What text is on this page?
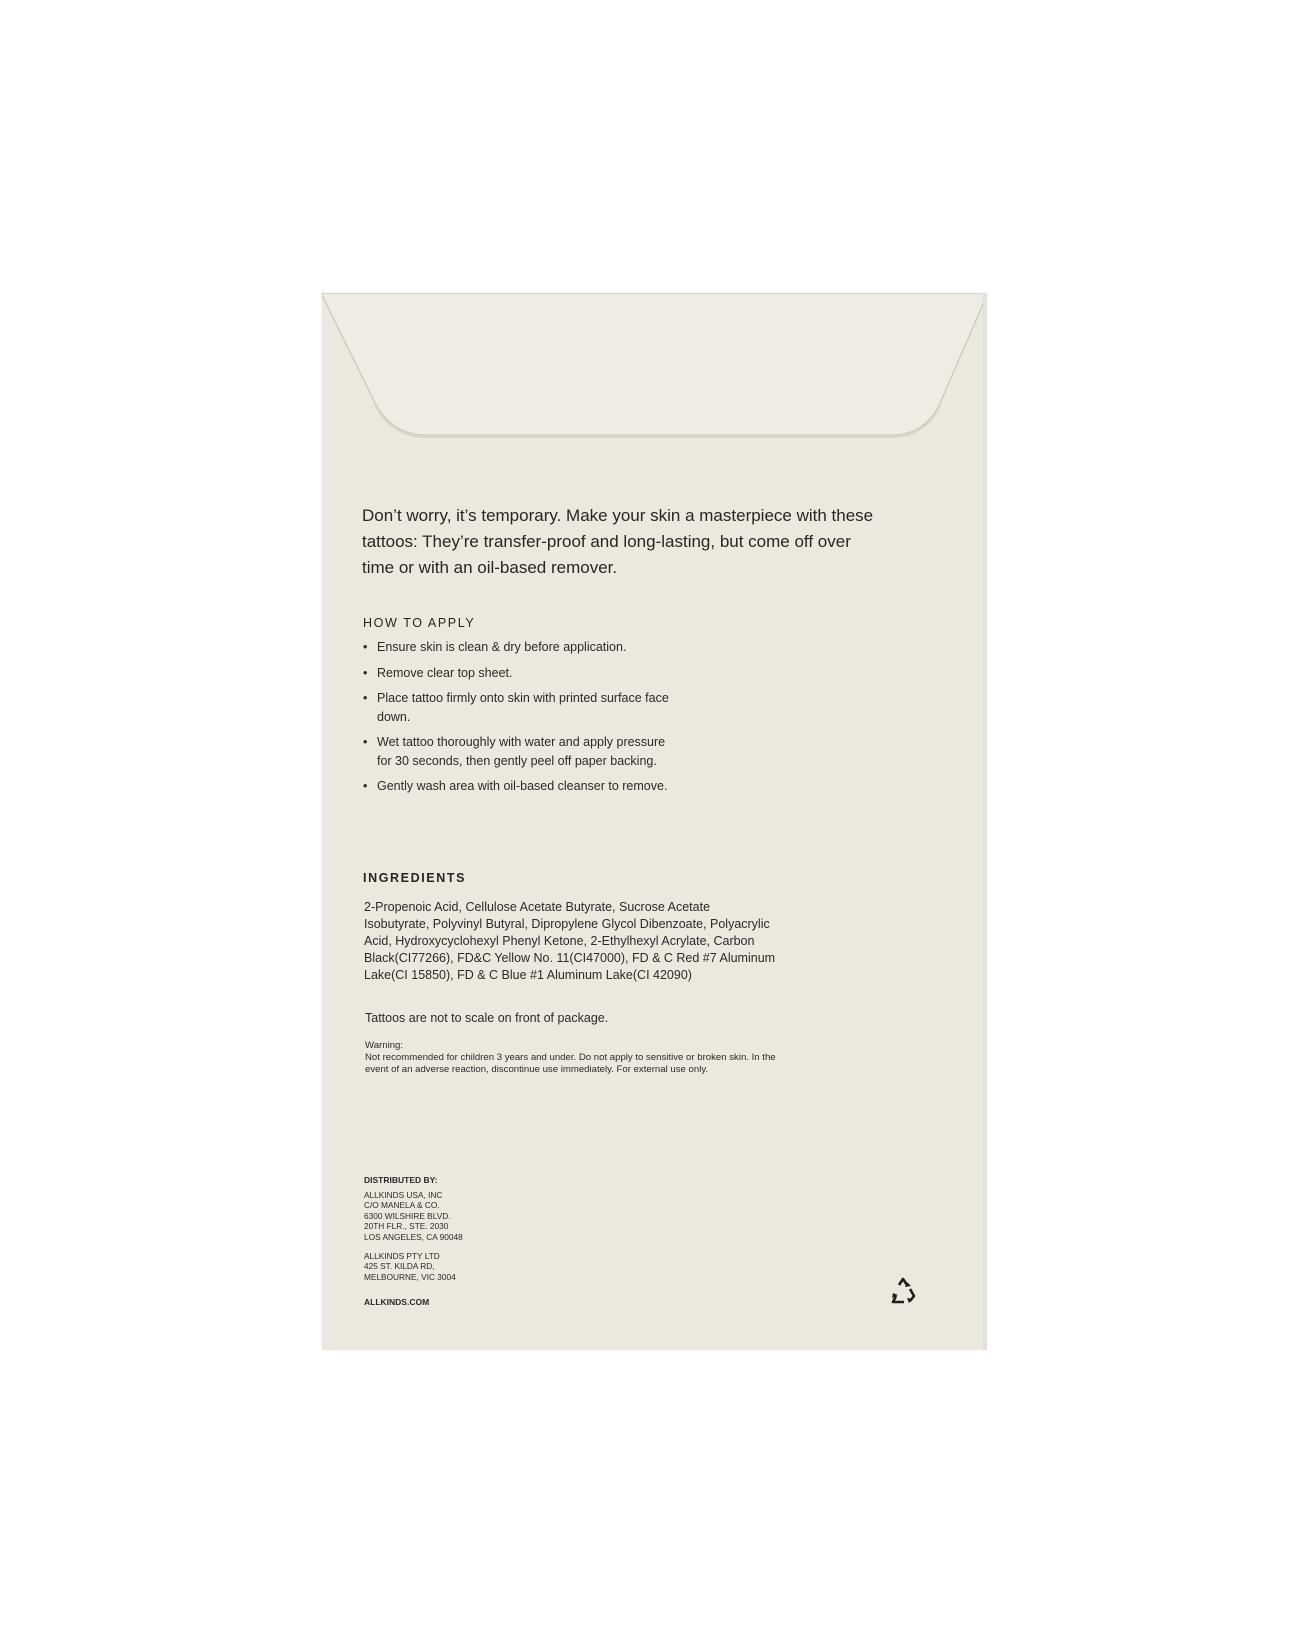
Don’t worry, it’s temporary. Make your skin a masterpiece with these tattoos: They’re transfer-proof and long-lasting, but come off over time or with an oil-based remover.

HOW TO APPLY
• Ensure skin is clean & dry before application.
• Remove clear top sheet.
• Place tattoo firmly onto skin with printed surface face down.
• Wet tattoo thoroughly with water and apply pressure for 30 seconds, then gently peel off paper backing.
• Gently wash area with oil-based cleanser to remove.
INGREDIENTS

2-Propenoic Acid, Cellulose Acetate Butyrate, Sucrose Acetate Isobutyrate, Polyvinyl Butyral, Dipropylene Glycol Dibenzoate, Polyacrylic Acid, Hydroxycyclohexyl Phenyl Ketone, 2-Ethylhexyl Acrylate, Carbon Black(CI77266), FD&C Yellow No. 11(CI47000), FD & C Red #7 Aluminum Lake(CI 15850), FD & C Blue #1 Aluminum Lake(CI 42090)

Tattoos are not to scale on front of package.

Warning:
Not recommended for children 3 years and under. Do not apply to sensitive or broken skin. In the event of an adverse reaction, discontinue use immediately. For external use only.

DISTRIBUTED BY:

ALLKINDS USA, INC
C/O MANELA & CO.
6300 WILSHIRE BLVD.
20TH FLR., STE. 2030
LOS ANGELES, CA 90048

ALLKINDS PTY LTD
425 ST. KILDA RD,
MELBOURNE, VIC 3004

ALLKINDS.COM
